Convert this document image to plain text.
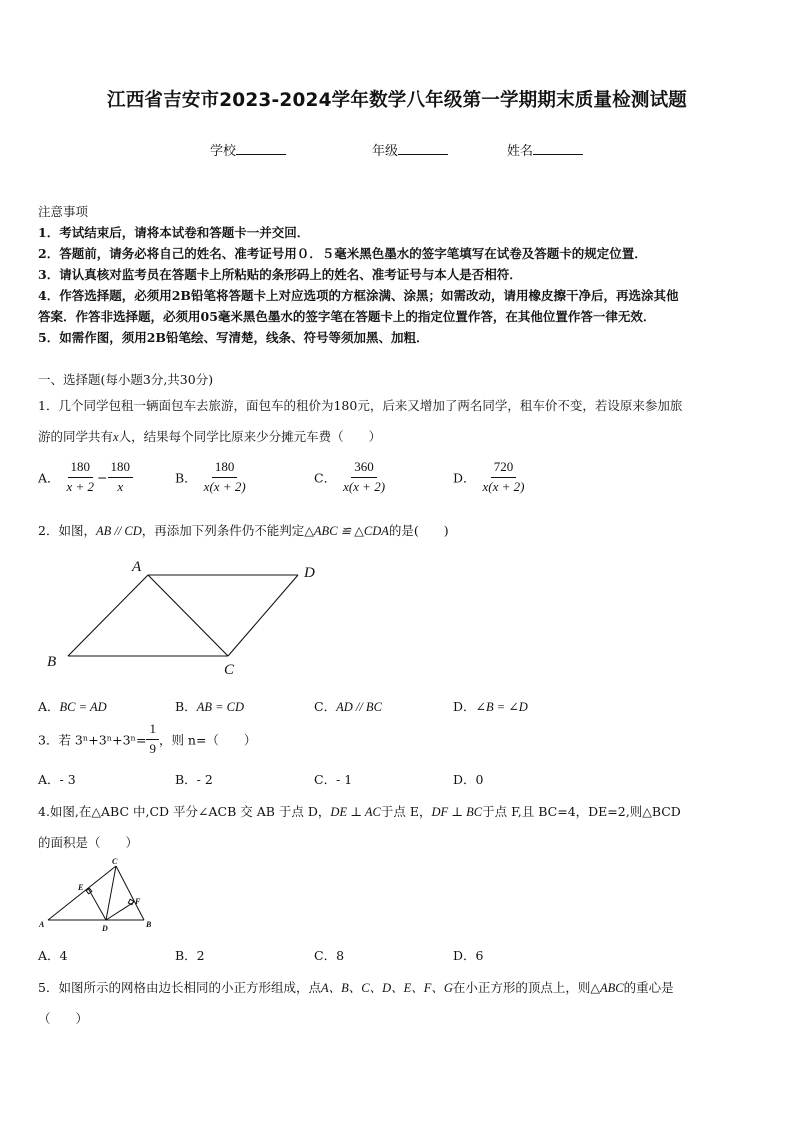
江西省吉安市2023-2024学年数学八年级第一学期期末质量检测试题
学校	年级	姓名
注意事项
1．考试结束后，请将本试卷和答题卡一并交回．
2．答题前，请务必将自己的姓名、准考证号用０．５毫米黑色墨水的签字笔填写在试卷及答题卡的规定位置．
3．请认真核对监考员在答题卡上所粘贴的条形码上的姓名、准考证号与本人是否相符．
4．作答选择题，必须用2B铅笔将答题卡上对应选项的方框涂满、涂黑；如需改动，请用橡皮擦干净后，再选涂其他
答案．作答非选择题，必须用05毫米黑色墨水的签字笔在答题卡上的指定位置作答，在其他位置作答一律无效．
5．如需作图，须用2B铅笔绘、写清楚，线条、符号等须加黑、加粗．
一、选择题(每小题3分,共30分)
1．几个同学包租一辆面包车去旅游，面包车的租价为180元，后来又增加了两名同学，租车价不变，若设原来参加旅
游的同学共有x人，结果每个同学比原来少分摊元车费（　　）
A． $\frac{180}{x + 2} - \frac{180}{x}$	B． $\frac{180}{x(x + 2)}$	C． $\frac{360}{x(x + 2)}$	D． $\frac{720}{x(x + 2)}$
2．如图，AB // CD，再添加下列条件仍不能判定△ABC ≌ △CDA的是(　　)
A	D
B	C
A．BC = AD	B．AB = CD	C．AD // BC	D．∠B = ∠D
3．若 $3^n+3^n+3^n= \frac{1}{9}$ ，则 n=（　　）
A．- 3	B．- 2	C．- 1	D．0
4.如图,在△ABC 中,CD 平分∠ACB 交 AB 于点 D，DE ⊥ AC于点 E，DF ⊥ BC于点 F,且 BC=4，DE=2,则△BCD
的面积是（　　）
A	B
C
D
E
F
A．4	B．2	C．8	D．6
5．如图所示的网格由边长相同的小正方形组成，点A、B、C、D、E、F、G在小正方形的顶点上，则△ABC的重心是
（　　）
